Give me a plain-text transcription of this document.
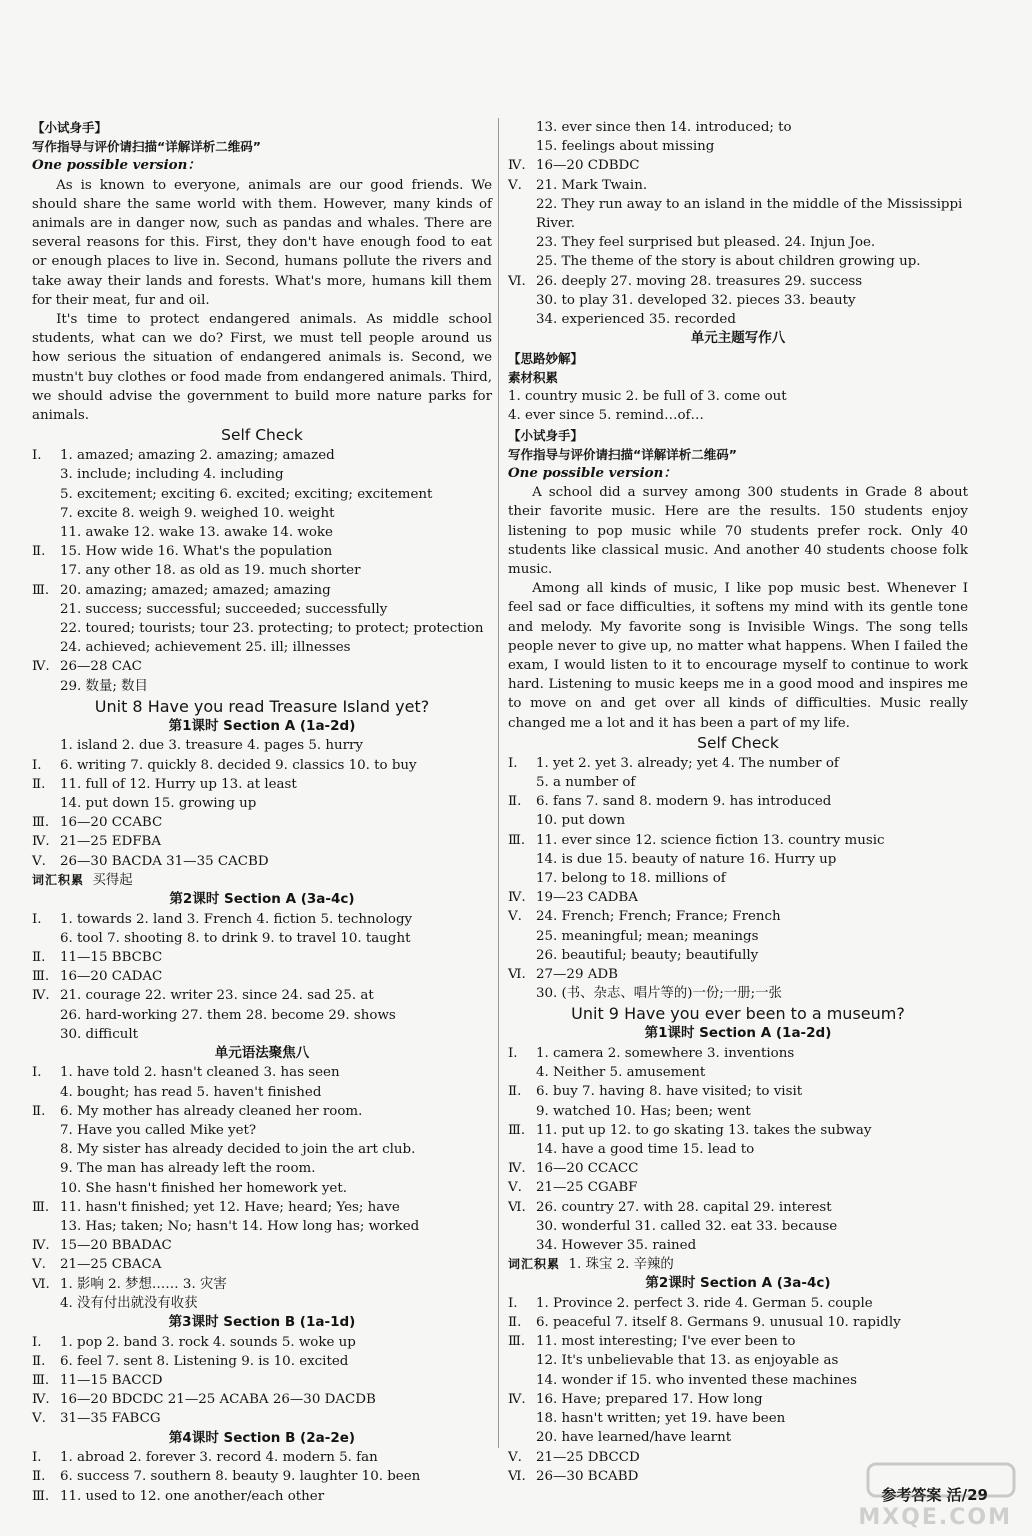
【小试身手】
写作指导与评价请扫描“详解详析二维码”
One possible version：
As is known to everyone, animals are our good friends. We should share the same world with them. However, many kinds of animals are in danger now, such as pandas and whales. There are several reasons for this. First, they don't have enough food to eat or enough places to live in. Second, humans pollute the rivers and take away their lands and forests. What's more, humans kill them for their meat, fur and oil.
It's time to protect endangered animals. As middle school students, what can we do? First, we must tell people around us how serious the situation of endangered animals is. Second, we mustn't buy clothes or food made from endangered animals. Third, we should advise the government to build more nature parks for animals.
Self Check
Ⅰ. 1. amazed; amazing 2. amazing; amazed
3. include; including 4. including
5. excitement; exciting 6. excited; exciting; excitement
7. excite 8. weigh 9. weighed 10. weight
11. awake 12. wake 13. awake 14. woke
Ⅱ. 15. How wide 16. What's the population
17. any other 18. as old as 19. much shorter
Ⅲ. 20. amazing; amazed; amazed; amazing
21. success; successful; succeeded; successfully
22. toured; tourists; tour 23. protecting; to protect; protection
24. achieved; achievement 25. ill; illnesses
Ⅳ. 26—28 CAC
29. 数量; 数目
Unit 8 Have you read Treasure Island yet?
第1课时 Section A (1a-2d)
1. island 2. due 3. treasure 4. pages 5. hurry
Ⅰ. 6. writing 7. quickly 8. decided 9. classics 10. to buy
Ⅱ. 11. full of 12. Hurry up 13. at least
14. put down 15. growing up
Ⅲ. 16—20 CCABC
Ⅳ. 21—25 EDFBA
Ⅴ. 26—30 BACDA 31—35 CACBD
词汇积累 买得起
第2课时 Section A (3a-4c)
Ⅰ. 1. towards 2. land 3. French 4. fiction 5. technology
6. tool 7. shooting 8. to drink 9. to travel 10. taught
Ⅱ. 11—15 BBCBC
Ⅲ. 16—20 CADAC
Ⅳ. 21. courage 22. writer 23. since 24. sad 25. at
26. hard-working 27. them 28. become 29. shows
30. difficult
单元语法聚焦八
Ⅰ. 1. have told 2. hasn't cleaned 3. has seen
4. bought; has read 5. haven't finished
Ⅱ. 6. My mother has already cleaned her room.
7. Have you called Mike yet?
8. My sister has already decided to join the art club.
9. The man has already left the room.
10. She hasn't finished her homework yet.
Ⅲ. 11. hasn't finished; yet 12. Have; heard; Yes; have
13. Has; taken; No; hasn't 14. How long has; worked
Ⅳ. 15—20 BBADAC
Ⅴ. 21—25 CBACA
Ⅵ. 1. 影响 2. 梦想…… 3. 灾害
4. 没有付出就没有收获
第3课时 Section B (1a-1d)
Ⅰ. 1. pop 2. band 3. rock 4. sounds 5. woke up
Ⅱ. 6. feel 7. sent 8. Listening 9. is 10. excited
Ⅲ. 11—15 BACCD
Ⅳ. 16—20 BDCDC 21—25 ACABA 26—30 DACDB
Ⅴ. 31—35 FABCG
第4课时 Section B (2a-2e)
Ⅰ. 1. abroad 2. forever 3. record 4. modern 5. fan
Ⅱ. 6. success 7. southern 8. beauty 9. laughter 10. been
Ⅲ. 11. used to 12. one another/each other
13. ever since then 14. introduced; to
15. feelings about missing
Ⅳ. 16—20 CDBDC
Ⅴ. 21. Mark Twain.
22. They run away to an island in the middle of the Mississippi
River.
23. They feel surprised but pleased. 24. Injun Joe.
25. The theme of the story is about children growing up.
Ⅵ. 26. deeply 27. moving 28. treasures 29. success
30. to play 31. developed 32. pieces 33. beauty
34. experienced 35. recorded
单元主题写作八
【思路妙解】
素材积累
1. country music 2. be full of 3. come out
4. ever since 5. remind…of…
【小试身手】
写作指导与评价请扫描“详解详析二维码”
One possible version：
A school did a survey among 300 students in Grade 8 about their favorite music. Here are the results. 150 students enjoy listening to pop music while 70 students prefer rock. Only 40 students like classical music. And another 40 students choose folk music.
Among all kinds of music, I like pop music best. Whenever I feel sad or face difficulties, it softens my mind with its gentle tone and melody. My favorite song is Invisible Wings. The song tells people never to give up, no matter what happens. When I failed the exam, I would listen to it to encourage myself to continue to work hard. Listening to music keeps me in a good mood and inspires me to move on and get over all kinds of difficulties. Music really changed me a lot and it has been a part of my life.
Self Check
Ⅰ. 1. yet 2. yet 3. already; yet 4. The number of
5. a number of
Ⅱ. 6. fans 7. sand 8. modern 9. has introduced
10. put down
Ⅲ. 11. ever since 12. science fiction 13. country music
14. is due 15. beauty of nature 16. Hurry up
17. belong to 18. millions of
Ⅳ. 19—23 CADBA
Ⅴ. 24. French; French; France; French
25. meaningful; mean; meanings
26. beautiful; beauty; beautifully
Ⅵ. 27—29 ADB
30. (书、杂志、唱片等的)一份;一册;一张
Unit 9 Have you ever been to a museum?
第1课时 Section A (1a-2d)
Ⅰ. 1. camera 2. somewhere 3. inventions
4. Neither 5. amusement
Ⅱ. 6. buy 7. having 8. have visited; to visit
9. watched 10. Has; been; went
Ⅲ. 11. put up 12. to go skating 13. takes the subway
14. have a good time 15. lead to
Ⅳ. 16—20 CCACC
Ⅴ. 21—25 CGABF
Ⅵ. 26. country 27. with 28. capital 29. interest
30. wonderful 31. called 32. eat 33. because
34. However 35. rained
词汇积累 1. 珠宝 2. 辛辣的
第2课时 Section A (3a-4c)
Ⅰ. 1. Province 2. perfect 3. ride 4. German 5. couple
Ⅱ. 6. peaceful 7. itself 8. Germans 9. unusual 10. rapidly
Ⅲ. 11. most interesting; I've ever been to
12. It's unbelievable that 13. as enjoyable as
14. wonder if 15. who invented these machines
Ⅳ. 16. Have; prepared 17. How long
18. hasn't written; yet 19. have been
20. have learned/have learnt
Ⅴ. 21—25 DBCCD
Ⅵ. 26—30 BCABD
参考答案 活/29
MXQE.COM
